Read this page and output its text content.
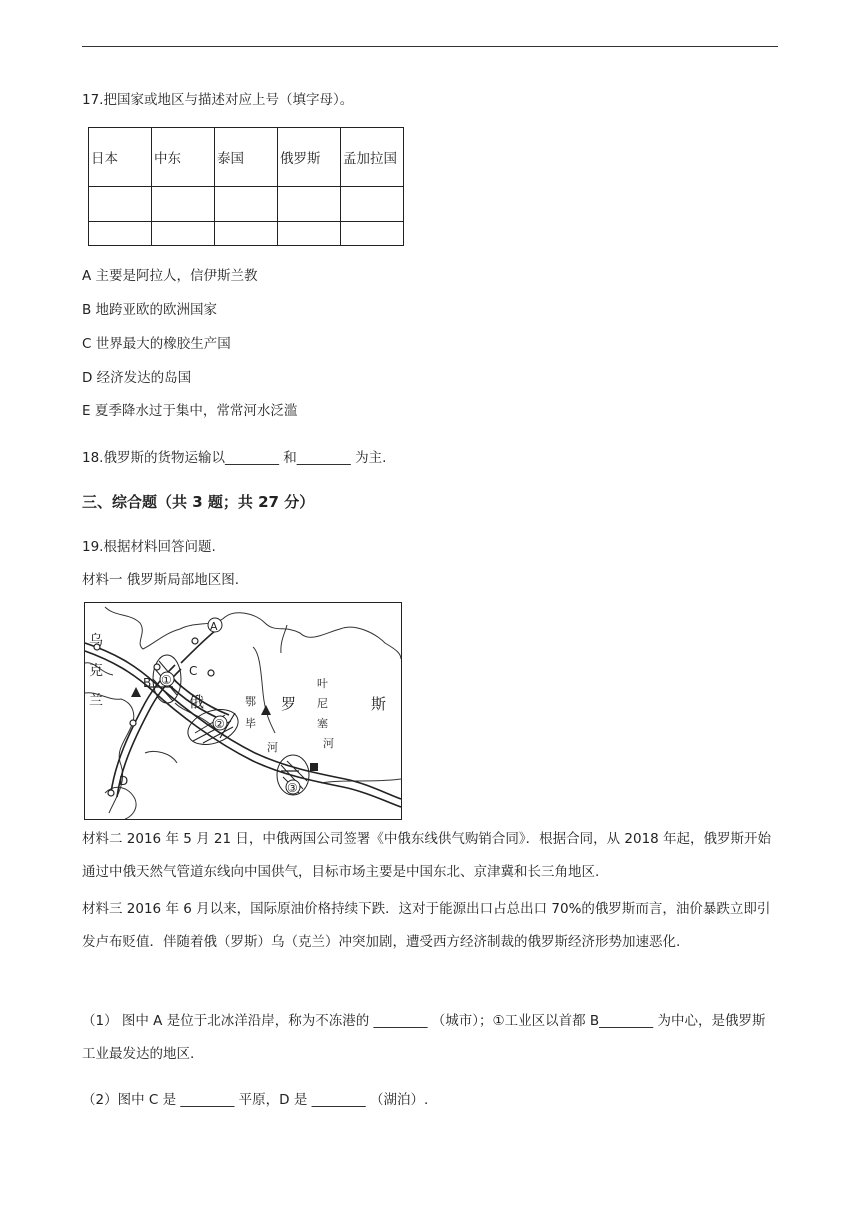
17.把国家或地区与描述对应上号（填字母）。
日本	中东	泰国	俄罗斯	孟加拉国

A 主要是阿拉人，信伊斯兰教
B 地跨亚欧的欧洲国家
C 世界最大的橡胶生产国
D 经济发达的岛国
E 夏季降水过于集中，常常河水泛滥
18.俄罗斯的货物运输以________ 和________ 为主.
三、综合题（共 3 题；共 27 分）
19.根据材料回答问题.
材料一 俄罗斯局部地区图.
乌
克
兰
A
B
C
D
①
②
③
俄	罗	斯
鄂
毕
河
叶
尼
塞
河
材料二 2016 年 5 月 21 日，中俄两国公司签署《中俄东线供气购销合同》．根据合同，从 2018 年起，俄罗斯开始通过中俄天然气管道东线向中国供气，目标市场主要是中国东北、京津冀和长三角地区.
材料三 2016 年 6 月以来，国际原油价格持续下跌．这对于能源出口占总出口 70%的俄罗斯而言，油价暴跌立即引发卢布贬值．伴随着俄（罗斯）乌（克兰）冲突加剧，遭受西方经济制裁的俄罗斯经济形势加速恶化.
（1） 图中 A 是位于北冰洋沿岸，称为不冻港的 ________ （城市）；①工业区以首都 B________ 为中心，是俄罗斯工业最发达的地区.
（2）图中 C 是 ________ 平原，D 是 ________ （湖泊）.
